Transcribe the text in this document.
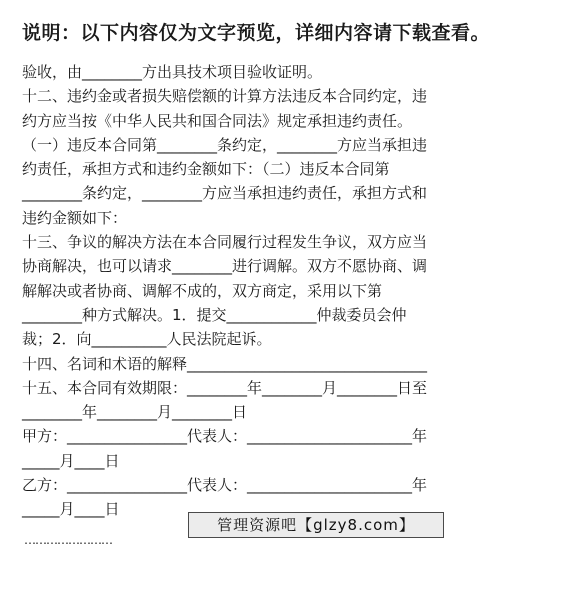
说明：以下内容仅为文字预览，详细内容请下载查看。
验收，由________方出具技术项目验收证明。
十二、违约金或者损失赔偿额的计算方法违反本合同约定，违
约方应当按《中华人民共和国合同法》规定承担违约责任。
（一）违反本合同第________条约定，________方应当承担违
约责任，承担方式和违约金额如下：（二）违反本合同第
________条约定，________方应当承担违约责任，承担方式和
违约金额如下：
十三、争议的解决方法在本合同履行过程发生争议，双方应当
协商解决，也可以请求________进行调解。双方不愿协商、调
解解决或者协商、调解不成的，双方商定，采用以下第
________种方式解决。1．提交____________仲裁委员会仲
裁；2．向__________人民法院起诉。
十四、名词和术语的解释________________________________
十五、本合同有效期限：________年________月________日至
________年________月________日
甲方：________________代表人：______________________年
_____月____日
乙方：________________代表人：______________________年
_____月____日
管理资源吧【glzy8.com】
……………………
